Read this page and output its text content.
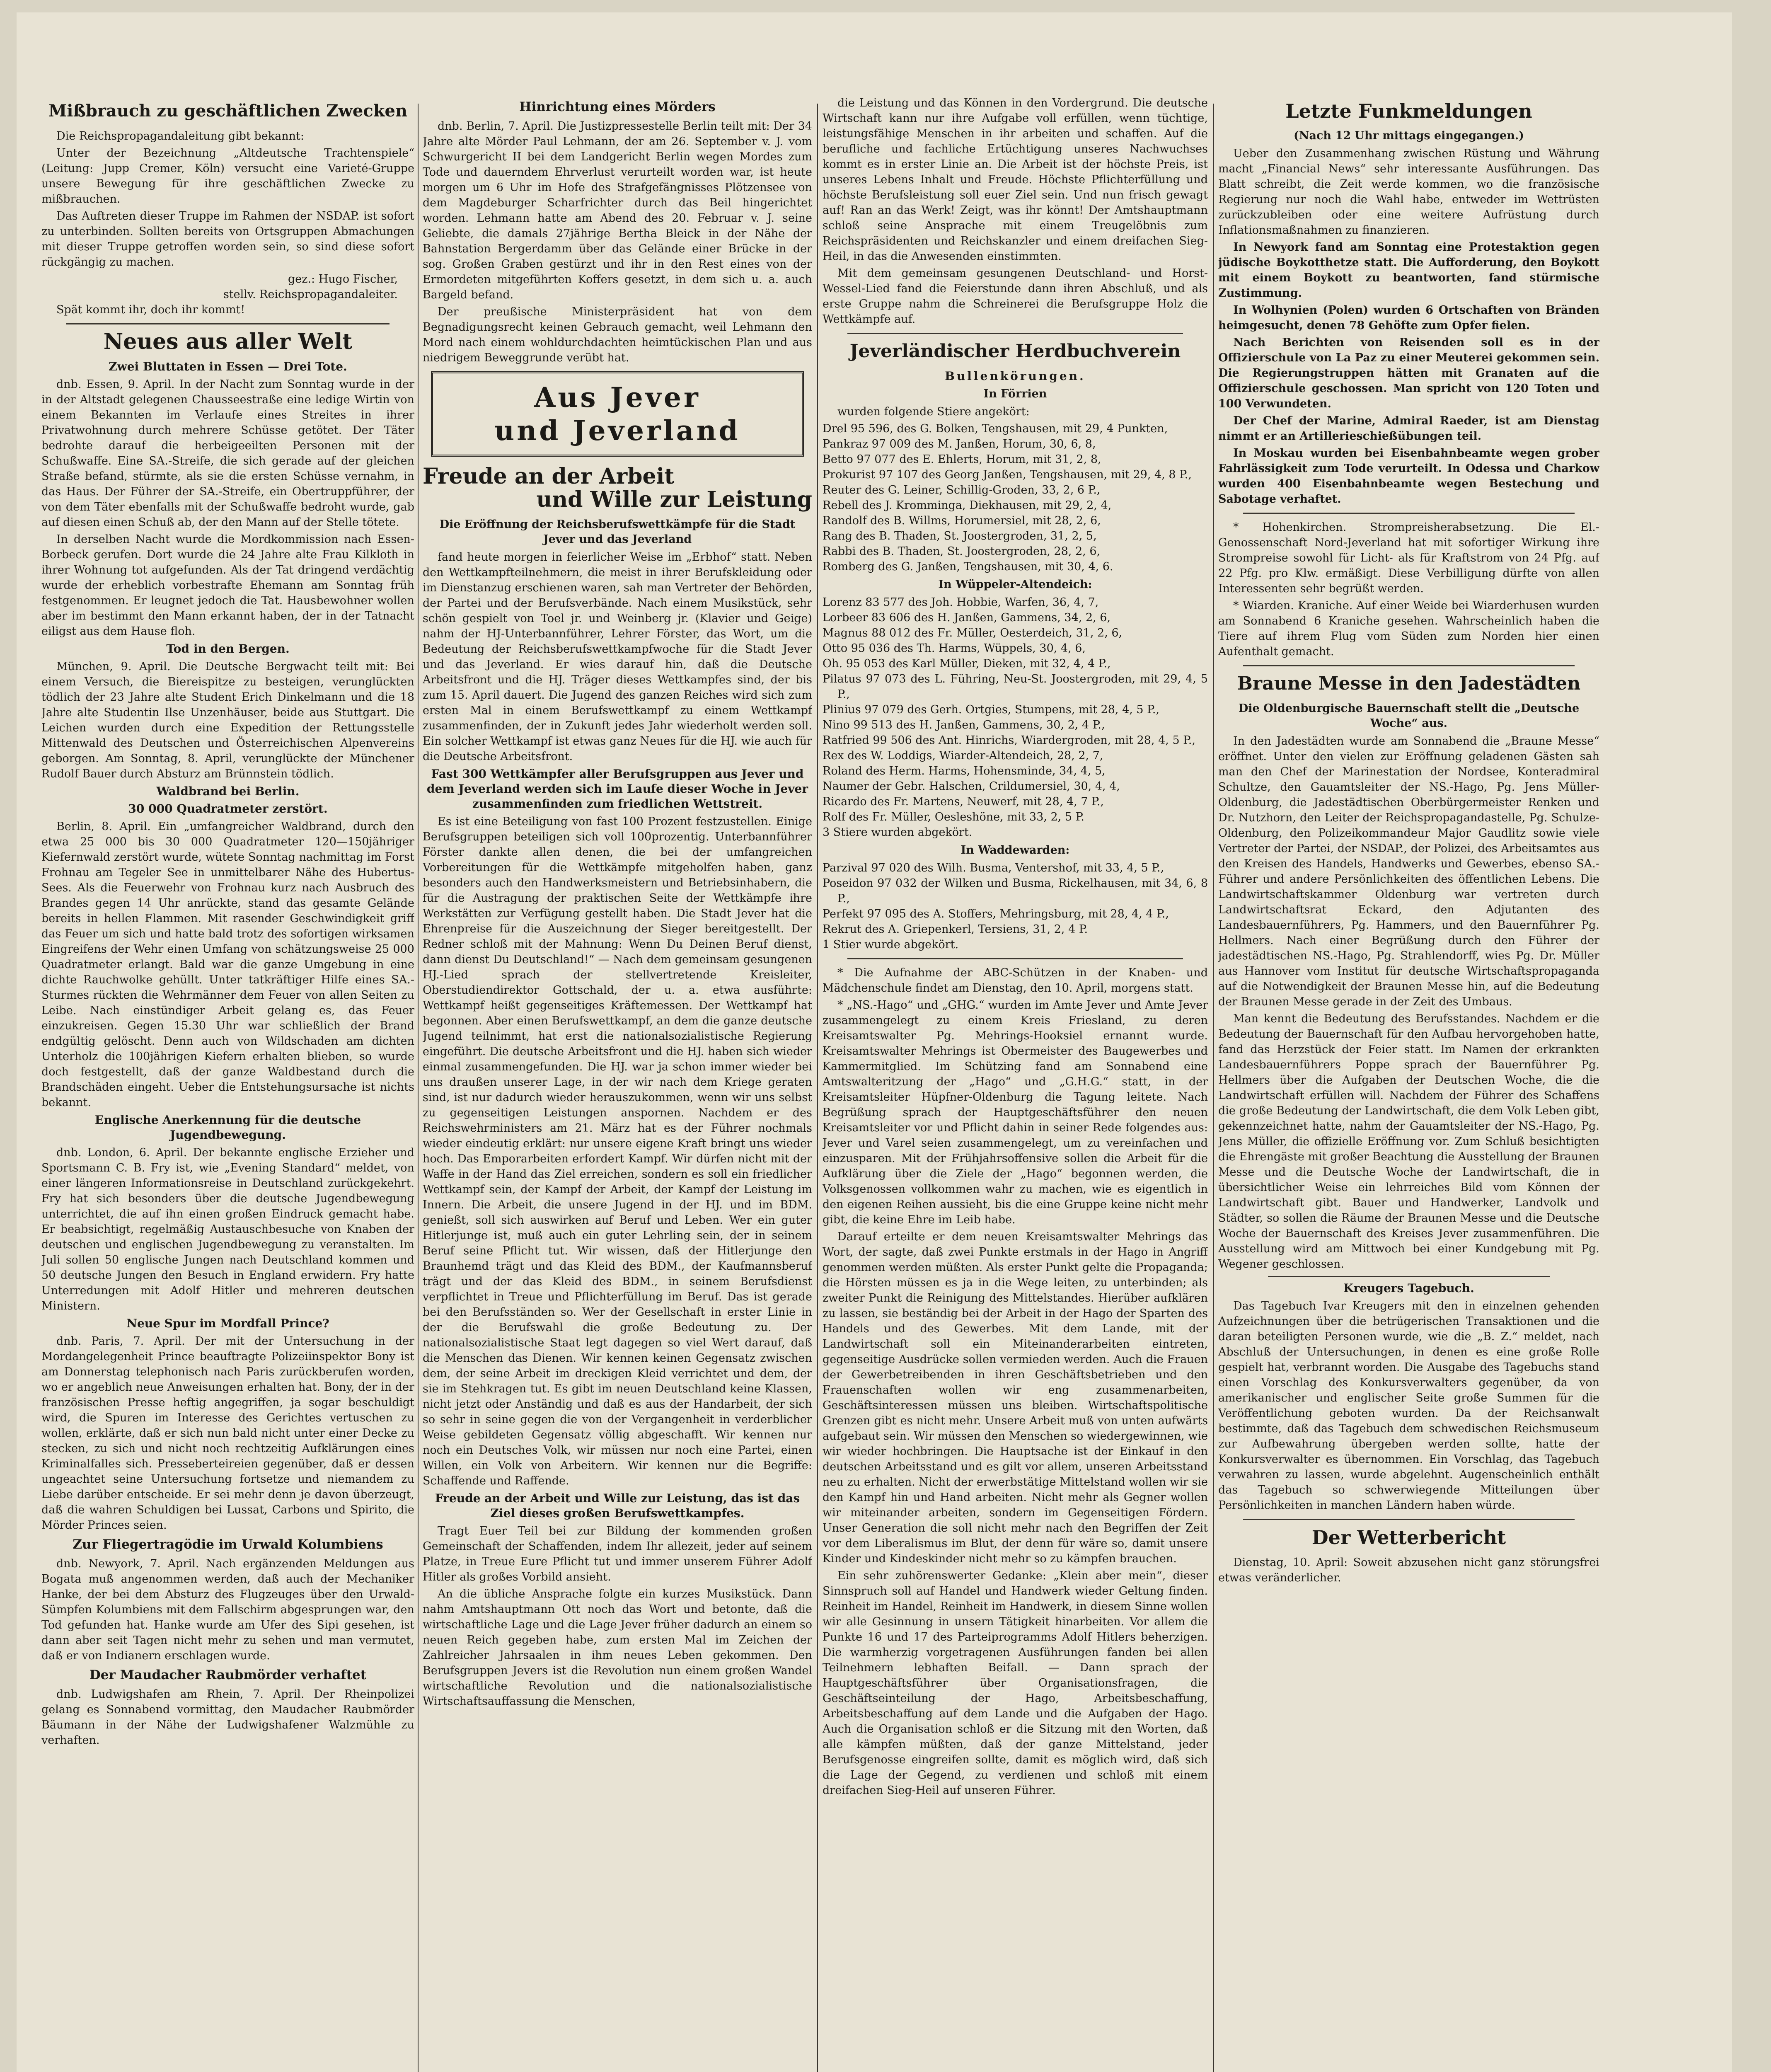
Mißbrauch zu geschäftlichen Zwecken

Die Reichspropagandaleitung gibt bekannt:

Unter der Bezeichnung „Altdeutsche Trachtenspiele“ (Leitung: Jupp Cremer, Köln) versucht eine Varieté-Gruppe unsere Bewegung für ihre geschäftlichen Zwecke zu mißbrauchen.

Das Auftreten dieser Truppe im Rahmen der NSDAP. ist sofort zu unterbinden. Sollten bereits von Ortsgruppen Abmachungen mit dieser Truppe getroffen worden sein, so sind diese sofort rückgängig zu machen.

gez.: Hugo Fischer,
stellv. Reichspropagandaleiter.

Spät kommt ihr, doch ihr kommt!

Neues aus aller Welt
Zwei Bluttaten in Essen — Drei Tote.

dnb. Essen, 9. April. In der Nacht zum Sonntag wurde in der in der Altstadt gelegenen Chausseestraße eine ledige Wirtin von einem Bekannten im Verlaufe eines Streites in ihrer Privatwohnung durch mehrere Schüsse getötet. Der Täter bedrohte darauf die herbeigeeilten Personen mit der Schußwaffe. Eine SA.-Streife, die sich gerade auf der gleichen Straße befand, stürmte, als sie die ersten Schüsse vernahm, in das Haus. Der Führer der SA.-Streife, ein Obertruppführer, der von dem Täter ebenfalls mit der Schußwaffe bedroht wurde, gab auf diesen einen Schuß ab, der den Mann auf der Stelle tötete.

In derselben Nacht wurde die Mordkommission nach Essen-Borbeck gerufen. Dort wurde die 24 Jahre alte Frau Kilkloth in ihrer Wohnung tot aufgefunden. Als der Tat dringend verdächtig wurde der erheblich vorbestrafte Ehemann am Sonntag früh festgenommen. Er leugnet jedoch die Tat. Hausbewohner wollen aber im bestimmt den Mann erkannt haben, der in der Tatnacht eiligst aus dem Hause floh.

Tod in den Bergen.

München, 9. April. Die Deutsche Bergwacht teilt mit: Bei einem Versuch, die Biereispitze zu besteigen, verunglückten tödlich der 23 Jahre alte Student Erich Dinkelmann und die 18 Jahre alte Studentin Ilse Unzenhäuser, beide aus Stuttgart. Die Leichen wurden durch eine Expedition der Rettungsstelle Mittenwald des Deutschen und Österreichischen Alpenvereins geborgen. Am Sonntag, 8. April, verunglückte der Münchener Rudolf Bauer durch Absturz am Brünnstein tödlich.

Waldbrand bei Berlin.
30 000 Quadratmeter zerstört.

Berlin, 8. April. Ein „umfangreicher Waldbrand, durch den etwa 25 000 bis 30 000 Quadratmeter 120—150jähriger Kiefernwald zerstört wurde, wütete Sonntag nachmittag im Forst Frohnau am Tegeler See in unmittelbarer Nähe des Hubertus-Sees. Als die Feuerwehr von Frohnau kurz nach Ausbruch des Brandes gegen 14 Uhr anrückte, stand das gesamte Gelände bereits in hellen Flammen. Mit rasender Geschwindigkeit griff das Feuer um sich und hatte bald trotz des sofortigen wirksamen Eingreifens der Wehr einen Umfang von schätzungsweise 25 000 Quadratmeter erlangt. Bald war die ganze Umgebung in eine dichte Rauchwolke gehüllt. Unter tatkräftiger Hilfe eines SA.-Sturmes rückten die Wehrmänner dem Feuer von allen Seiten zu Leibe. Nach einstündiger Arbeit gelang es, das Feuer einzukreisen. Gegen 15.30 Uhr war schließlich der Brand endgültig gelöscht. Denn auch von Wildschaden am dichten Unterholz die 100jährigen Kiefern erhalten blieben, so wurde doch festgestellt, daß der ganze Waldbestand durch die Brandschäden eingeht. Ueber die Entstehungsursache ist nichts bekannt.

Englische Anerkennung für die deutsche Jugendbewegung.

dnb. London, 6. April. Der bekannte englische Erzieher und Sportsmann C. B. Fry ist, wie „Evening Standard“ meldet, von einer längeren Informationsreise in Deutschland zurückgekehrt. Fry hat sich besonders über die deutsche Jugendbewegung unterrichtet, die auf ihn einen großen Eindruck gemacht habe. Er beabsichtigt, regelmäßig Austauschbesuche von Knaben der deutschen und englischen Jugendbewegung zu veranstalten. Im Juli sollen 50 englische Jungen nach Deutschland kommen und 50 deutsche Jungen den Besuch in England erwidern. Fry hatte Unterredungen mit Adolf Hitler und mehreren deutschen Ministern.

Neue Spur im Mordfall Prince?

dnb. Paris, 7. April. Der mit der Untersuchung in der Mordangelegenheit Prince beauftragte Polizeiinspektor Bony ist am Donnerstag telephonisch nach Paris zurückberufen worden, wo er angeblich neue Anweisungen erhalten hat. Bony, der in der französischen Presse heftig angegriffen, ja sogar beschuldigt wird, die Spuren im Interesse des Gerichtes vertuschen zu wollen, erklärte, daß er sich nun bald nicht unter einer Decke zu stecken, zu sich und nicht noch rechtzeitig Aufklärungen eines Kriminalfalles sich. Presseberteireien gegenüber, daß er dessen ungeachtet seine Untersuchung fortsetze und niemandem zu Liebe darüber entscheide. Er sei mehr denn je davon überzeugt, daß die wahren Schuldigen bei Lussat, Carbons und Spirito, die Mörder Princes seien.

Zur Fliegertragödie im Urwald Kolumbiens

dnb. Newyork, 7. April. Nach ergänzenden Meldungen aus Bogata muß angenommen werden, daß auch der Mechaniker Hanke, der bei dem Absturz des Flugzeuges über den Urwald-Sümpfen Kolumbiens mit dem Fallschirm abgesprungen war, den Tod gefunden hat. Hanke wurde am Ufer des Sipi gesehen, ist dann aber seit Tagen nicht mehr zu sehen und man vermutet, daß er von Indianern erschlagen wurde.

Der Maudacher Raubmörder verhaftet

dnb. Ludwigshafen am Rhein, 7. April. Der Rheinpolizei gelang es Sonnabend vormittag, den Maudacher Raubmörder Bäumann in der Nähe der Ludwigshafener Walzmühle zu verhaften.

Hinrichtung eines Mörders

dnb. Berlin, 7. April. Die Justizpressestelle Berlin teilt mit: Der 34 Jahre alte Mörder Paul Lehmann, der am 26. September v. J. vom Schwurgericht II bei dem Landgericht Berlin wegen Mordes zum Tode und dauerndem Ehrverlust verurteilt worden war, ist heute morgen um 6 Uhr im Hofe des Strafgefängnisses Plötzensee von dem Magdeburger Scharfrichter durch das Beil hingerichtet worden. Lehmann hatte am Abend des 20. Februar v. J. seine Geliebte, die damals 27jährige Bertha Bleick in der Nähe der Bahnstation Bergerdamm über das Gelände einer Brücke in der sog. Großen Graben gestürzt und ihr in den Rest eines von der Ermordeten mitgeführten Koffers gesetzt, in dem sich u. a. auch Bargeld befand.

Der preußische Ministerpräsident hat von dem Begnadigungsrecht keinen Gebrauch gemacht, weil Lehmann den Mord nach einem wohldurchdachten heimtückischen Plan und aus niedrigem Beweggrunde verübt hat.

Aus Jever
und Jeverland
Freude an der Arbeit
und Wille zur Leistung
Die Eröffnung der Reichsberufswettkämpfe für die Stadt Jever und das Jeverland

fand heute morgen in feierlicher Weise im „Erbhof“ statt. Neben den Wettkampfteilnehmern, die meist in ihrer Berufskleidung oder im Dienstanzug erschienen waren, sah man Vertreter der Behörden, der Partei und der Berufsverbände. Nach einem Musikstück, sehr schön gespielt von Toel jr. und Weinberg jr. (Klavier und Geige) nahm der HJ-Unterbannführer, Lehrer Förster, das Wort, um die Bedeutung der Reichsberufswettkampfwoche für die Stadt Jever und das Jeverland. Er wies darauf hin, daß die Deutsche Arbeitsfront und die HJ. Träger dieses Wettkampfes sind, der bis zum 15. April dauert. Die Jugend des ganzen Reiches wird sich zum ersten Mal in einem Berufswettkampf zu einem Wettkampf zusammenfinden, der in Zukunft jedes Jahr wiederholt werden soll. Ein solcher Wettkampf ist etwas ganz Neues für die HJ. wie auch für die Deutsche Arbeitsfront.

Fast 300 Wettkämpfer aller Berufsgruppen aus Jever und dem Jeverland werden sich im Laufe dieser Woche in Jever zusammenfinden zum friedlichen Wettstreit.

Es ist eine Beteiligung von fast 100 Prozent festzustellen. Einige Berufsgruppen beteiligen sich voll 100prozentig. Unterbannführer Förster dankte allen denen, die bei der umfangreichen Vorbereitungen für die Wettkämpfe mitgeholfen haben, ganz besonders auch den Handwerksmeistern und Betriebsinhabern, die für die Austragung der praktischen Seite der Wettkämpfe ihre Werkstätten zur Verfügung gestellt haben. Die Stadt Jever hat die Ehrenpreise für die Auszeichnung der Sieger bereitgestellt. Der Redner schloß mit der Mahnung: Wenn Du Deinen Beruf dienst, dann dienst Du Deutschland!“ — Nach dem gemeinsam gesungenen HJ.-Lied sprach der stellvertretende Kreisleiter, Oberstudiendirektor Gottschald, der u. a. etwa ausführte: Wettkampf heißt gegenseitiges Kräftemessen. Der Wettkampf hat begonnen. Aber einen Berufswettkampf, an dem die ganze deutsche Jugend teilnimmt, hat erst die nationalsozialistische Regierung eingeführt. Die deutsche Arbeitsfront und die HJ. haben sich wieder einmal zusammengefunden. Die HJ. war ja schon immer wieder bei uns draußen unserer Lage, in der wir nach dem Kriege geraten sind, ist nur dadurch wieder herauszukommen, wenn wir uns selbst zu gegenseitigen Leistungen anspornen. Nachdem er des Reichswehrministers am 21. März hat es der Führer nochmals wieder eindeutig erklärt: nur unsere eigene Kraft bringt uns wieder hoch. Das Emporarbeiten erfordert Kampf. Wir dürfen nicht mit der Waffe in der Hand das Ziel erreichen, sondern es soll ein friedlicher Wettkampf sein, der Kampf der Arbeit, der Kampf der Leistung im Innern. Die Arbeit, die unsere Jugend in der HJ. und im BDM. genießt, soll sich auswirken auf Beruf und Leben. Wer ein guter Hitlerjunge ist, muß auch ein guter Lehrling sein, der in seinem Beruf seine Pflicht tut. Wir wissen, daß der Hitlerjunge den Braunhemd trägt und das Kleid des BDM., der Kaufmannsberuf trägt und der das Kleid des BDM., in seinem Berufsdienst verpflichtet in Treue und Pflichterfüllung im Beruf. Das ist gerade bei den Berufsständen so. Wer der Gesellschaft in erster Linie in der die Berufswahl die große Bedeutung zu. Der nationalsozialistische Staat legt dagegen so viel Wert darauf, daß die Menschen das Dienen. Wir kennen keinen Gegensatz zwischen dem, der seine Arbeit im dreckigen Kleid verrichtet und dem, der sie im Stehkragen tut. Es gibt im neuen Deutschland keine Klassen, nicht jetzt oder Anständig und daß es aus der Handarbeit, der sich so sehr in seine gegen die von der Vergangenheit in verderblicher Weise gebildeten Gegensatz völlig abgeschafft. Wir kennen nur noch ein Deutsches Volk, wir müssen nur noch eine Partei, einen Willen, ein Volk von Arbeitern. Wir kennen nur die Begriffe: Schaffende und Raffende.

Freude an der Arbeit und Wille zur Leistung, das ist das Ziel dieses großen Berufswettkampfes.

Tragt Euer Teil bei zur Bildung der kommenden großen Gemeinschaft der Schaffenden, indem Ihr allezeit, jeder auf seinem Platze, in Treue Eure Pflicht tut und immer unserem Führer Adolf Hitler als großes Vorbild ansieht.

An die übliche Ansprache folgte ein kurzes Musikstück. Dann nahm Amtshauptmann Ott noch das Wort und betonte, daß die wirtschaftliche Lage und die Lage Jever früher dadurch an einem so neuen Reich gegeben habe, zum ersten Mal im Zeichen der Zahlreicher Jahrsaalen in ihm neues Leben gekommen. Den Berufsgruppen Jevers ist die Revolution nun einem großen Wandel wirtschaftliche Revolution und die nationalsozialistische Wirtschaftsauffassung die Menschen,

die Leistung und das Können in den Vordergrund. Die deutsche Wirtschaft kann nur ihre Aufgabe voll erfüllen, wenn tüchtige, leistungsfähige Menschen in ihr arbeiten und schaffen. Auf die berufliche und fachliche Ertüchtigung unseres Nachwuchses kommt es in erster Linie an. Die Arbeit ist der höchste Preis, ist unseres Lebens Inhalt und Freude. Höchste Pflichterfüllung und höchste Berufsleistung soll euer Ziel sein. Und nun frisch gewagt auf! Ran an das Werk! Zeigt, was ihr könnt! Der Amtshauptmann schloß seine Ansprache mit einem Treugelöbnis zum Reichspräsidenten und Reichskanzler und einem dreifachen Sieg-Heil, in das die Anwesenden einstimmten.

Mit dem gemeinsam gesungenen Deutschland- und Horst-Wessel-Lied fand die Feierstunde dann ihren Abschluß, und als erste Gruppe nahm die Schreinerei die Berufsgruppe Holz die Wettkämpfe auf.

Jeverländischer Herdbuchverein
Bullenkörungen.
In Förrien

wurden folgende Stiere angekört:

Drel 95 596, des G. Bolken, Tengshausen, mit 29, 4 Punkten,

Pankraz 97 009 des M. Janßen, Horum, 30, 6, 8,

Betto 97 077 des E. Ehlerts, Horum, mit 31, 2, 8,

Prokurist 97 107 des Georg Janßen, Tengshausen, mit 29, 4, 8 P.,

Reuter des G. Leiner, Schillig-Groden, 33, 2, 6 P.,

Rebell des J. Kromminga, Diekhausen, mit 29, 2, 4,

Randolf des B. Willms, Horumersiel, mit 28, 2, 6,

Rang des B. Thaden, St. Joostergroden, 31, 2, 5,

Rabbi des B. Thaden, St. Joostergroden, 28, 2, 6,

Romberg des G. Janßen, Tengshausen, mit 30, 4, 6.

In Wüppeler-Altendeich:

Lorenz 83 577 des Joh. Hobbie, Warfen, 36, 4, 7,

Lorbeer 83 606 des H. Janßen, Gammens, 34, 2, 6,

Magnus 88 012 des Fr. Müller, Oesterdeich, 31, 2, 6,

Otto 95 036 des Th. Harms, Wüppels, 30, 4, 6,

Oh. 95 053 des Karl Müller, Dieken, mit 32, 4, 4 P.,

Pilatus 97 073 des L. Führing, Neu-St. Joostergroden, mit 29, 4, 5 P.,

Plinius 97 079 des Gerh. Ortgies, Stumpens, mit 28, 4, 5 P.,

Nino 99 513 des H. Janßen, Gammens, 30, 2, 4 P.,

Ratfried 99 506 des Ant. Hinrichs, Wiardergroden, mit 28, 4, 5 P.,

Rex des W. Loddigs, Wiarder-Altendeich, 28, 2, 7,

Roland des Herm. Harms, Hohensminde, 34, 4, 5,

Naumer der Gebr. Halschen, Crildumersiel, 30, 4, 4,

Ricardo des Fr. Martens, Neuwerf, mit 28, 4, 7 P.,

Rolf des Fr. Müller, Oesleshöne, mit 33, 2, 5 P.

3 Stiere wurden abgekört.

In Waddewarden:

Parzival 97 020 des Wilh. Busma, Ventershof, mit 33, 4, 5 P.,

Poseidon 97 032 der Wilken und Busma, Rickelhausen, mit 34, 6, 8 P.,

Perfekt 97 095 des A. Stoffers, Mehringsburg, mit 28, 4, 4 P.,

Rekrut des A. Griepenkerl, Tersiens, 31, 2, 4 P.

1 Stier wurde abgekört.

* Die Aufnahme der ABC-Schützen in der Knaben- und Mädchenschule findet am Dienstag, den 10. April, morgens statt.

* „NS.-Hago“ und „GHG.“ wurden im Amte Jever und Amte Jever zusammengelegt zu einem Kreis Friesland, zu deren Kreisamtswalter Pg. Mehrings-Hooksiel ernannt wurde. Kreisamtswalter Mehrings ist Obermeister des Baugewerbes und Kammermitglied. Im Schützing fand am Sonnabend eine Amtswalteritzung der „Hago“ und „G.H.G.“ statt, in der Kreisamtsleiter Hüpfner-Oldenburg die Tagung leitete. Nach Begrüßung sprach der Hauptgeschäftsführer den neuen Kreisamtsleiter vor und Pflicht dahin in seiner Rede folgendes aus: Jever und Varel seien zusammengelegt, um zu vereinfachen und einzusparen. Mit der Frühjahrsoffensive sollen die Arbeit für die Aufklärung über die Ziele der „Hago“ begonnen werden, die Volksgenossen vollkommen wahr zu machen, wie es eigentlich in den eigenen Reihen aussieht, bis die eine Gruppe keine nicht mehr gibt, die keine Ehre im Leib habe.

Darauf erteilte er dem neuen Kreisamtswalter Mehrings das Wort, der sagte, daß zwei Punkte erstmals in der Hago in Angriff genommen werden müßten. Als erster Punkt gelte die Propaganda; die Hörsten müssen es ja in die Wege leiten, zu unterbinden; als zweiter Punkt die Reinigung des Mittelstandes. Hierüber aufklären zu lassen, sie beständig bei der Arbeit in der Hago der Sparten des Handels und des Gewerbes. Mit dem Lande, mit der Landwirtschaft soll ein Miteinanderarbeiten eintreten, gegenseitige Ausdrücke sollen vermieden werden. Auch die Frauen der Gewerbetreibenden in ihren Geschäftsbetrieben und den Frauenschaften wollen wir eng zusammenarbeiten, Geschäftsinteressen müssen uns bleiben. Wirtschaftspolitische Grenzen gibt es nicht mehr. Unsere Arbeit muß von unten aufwärts aufgebaut sein. Wir müssen den Menschen so wiedergewinnen, wie wir wieder hochbringen. Die Hauptsache ist der Einkauf in den deutschen Arbeitsstand und es gilt vor allem, unseren Arbeitsstand neu zu erhalten. Nicht der erwerbstätige Mittelstand wollen wir sie den Kampf hin und Hand arbeiten. Nicht mehr als Gegner wollen wir miteinander arbeiten, sondern im Gegenseitigen Fördern. Unser Generation die soll nicht mehr nach den Begriffen der Zeit vor dem Liberalismus im Blut, der denn für wäre so, damit unsere Kinder und Kindeskinder nicht mehr so zu kämpfen brauchen.

Ein sehr zuhörenswerter Gedanke: „Klein aber mein“, dieser Sinnspruch soll auf Handel und Handwerk wieder Geltung finden. Reinheit im Handel, Reinheit im Handwerk, in diesem Sinne wollen wir alle Gesinnung in unsern Tätigkeit hinarbeiten. Vor allem die Punkte 16 und 17 des Parteiprogramms Adolf Hitlers beherzigen. Die warmherzig vorgetragenen Ausführungen fanden bei allen Teilnehmern lebhaften Beifall. — Dann sprach der Hauptgeschäftsführer über Organisationsfragen, die Geschäftseinteilung der Hago, Arbeitsbeschaffung, Arbeitsbeschaffung auf dem Lande und die Aufgaben der Hago. Auch die Organisation schloß er die Sitzung mit den Worten, daß alle kämpfen müßten, daß der ganze Mittelstand, jeder Berufsgenosse eingreifen sollte, damit es möglich wird, daß sich die Lage der Gegend, zu verdienen und schloß mit einem dreifachen Sieg-Heil auf unseren Führer.

Letzte Funkmeldungen
(Nach 12 Uhr mittags eingegangen.)

Ueber den Zusammenhang zwischen Rüstung und Währung macht „Financial News“ sehr interessante Ausführungen. Das Blatt schreibt, die Zeit werde kommen, wo die französische Regierung nur noch die Wahl habe, entweder im Wettrüsten zurückzubleiben oder eine weitere Aufrüstung durch Inflationsmaßnahmen zu finanzieren.

In Newyork fand am Sonntag eine Protestaktion gegen jüdische Boykotthetze statt. Die Aufforderung, den Boykott mit einem Boykott zu beantworten, fand stürmische Zustimmung.

In Wolhynien (Polen) wurden 6 Ortschaften von Bränden heimgesucht, denen 78 Gehöfte zum Opfer fielen.

Nach Berichten von Reisenden soll es in der Offizierschule von La Paz zu einer Meuterei gekommen sein. Die Regierungstruppen hätten mit Granaten auf die Offizierschule geschossen. Man spricht von 120 Toten und 100 Verwundeten.

Der Chef der Marine, Admiral Raeder, ist am Dienstag nimmt er an Artillerieschießübungen teil.

In Moskau wurden bei Eisenbahnbeamte wegen grober Fahrlässigkeit zum Tode verurteilt. In Odessa und Charkow wurden 400 Eisenbahnbeamte wegen Bestechung und Sabotage verhaftet.

* Hohenkirchen. Strompreisherabsetzung. Die El.-Genossenschaft Nord-Jeverland hat mit sofortiger Wirkung ihre Strompreise sowohl für Licht- als für Kraftstrom von 24 Pfg. auf 22 Pfg. pro Klw. ermäßigt. Diese Verbilligung dürfte von allen Interessenten sehr begrüßt werden.

* Wiarden. Kraniche. Auf einer Weide bei Wiarderhusen wurden am Sonnabend 6 Kraniche gesehen. Wahrscheinlich haben die Tiere auf ihrem Flug vom Süden zum Norden hier einen Aufenthalt gemacht.

Braune Messe in den Jadestädten
Die Oldenburgische Bauernschaft stellt die „Deutsche Woche“ aus.

In den Jadestädten wurde am Sonnabend die „Braune Messe“ eröffnet. Unter den vielen zur Eröffnung geladenen Gästen sah man den Chef der Marinestation der Nordsee, Konteradmiral Schultze, den Gauamtsleiter der NS.-Hago, Pg. Jens Müller-Oldenburg, die Jadestädtischen Oberbürgermeister Renken und Dr. Nutzhorn, den Leiter der Reichspropagandastelle, Pg. Schulze-Oldenburg, den Polizeikommandeur Major Gaudlitz sowie viele Vertreter der Partei, der NSDAP., der Polizei, des Arbeitsamtes aus den Kreisen des Handels, Handwerks und Gewerbes, ebenso SA.-Führer und andere Persönlichkeiten des öffentlichen Lebens. Die Landwirtschaftskammer Oldenburg war vertreten durch Landwirtschaftsrat Eckard, den Adjutanten des Landesbauernführers, Pg. Hammers, und den Bauernführer Pg. Hellmers. Nach einer Begrüßung durch den Führer der jadestädtischen NS.-Hago, Pg. Strahlendorff, wies Pg. Dr. Müller aus Hannover vom Institut für deutsche Wirtschaftspropaganda auf die Notwendigkeit der Braunen Messe hin, auf die Bedeutung der Braunen Messe gerade in der Zeit des Umbaus.

Man kennt die Bedeutung des Berufsstandes. Nachdem er die Bedeutung der Bauernschaft für den Aufbau hervorgehoben hatte, fand das Herzstück der Feier statt. Im Namen der erkrankten Landesbauernführers Poppe sprach der Bauernführer Pg. Hellmers über die Aufgaben der Deutschen Woche, die die Landwirtschaft erfüllen will. Nachdem der Führer des Schaffens die große Bedeutung der Landwirtschaft, die dem Volk Leben gibt, gekennzeichnet hatte, nahm der Gauamtsleiter der NS.-Hago, Pg. Jens Müller, die offizielle Eröffnung vor. Zum Schluß besichtigten die Ehrengäste mit großer Beachtung die Ausstellung der Braunen Messe und die Deutsche Woche der Landwirtschaft, die in übersichtlicher Weise ein lehrreiches Bild vom Können der Landwirtschaft gibt. Bauer und Handwerker, Landvolk und Städter, so sollen die Räume der Braunen Messe und die Deutsche Woche der Bauernschaft des Kreises Jever zusammenführen. Die Ausstellung wird am Mittwoch bei einer Kundgebung mit Pg. Wegener geschlossen.

Kreugers Tagebuch.

Das Tagebuch Ivar Kreugers mit den in einzelnen gehenden Aufzeichnungen über die betrügerischen Transaktionen und die daran beteiligten Personen wurde, wie die „B. Z.“ meldet, nach Abschluß der Untersuchungen, in denen es eine große Rolle gespielt hat, verbrannt worden. Die Ausgabe des Tagebuchs stand einen Vorschlag des Konkursverwalters gegenüber, da von amerikanischer und englischer Seite große Summen für die Veröffentlichung geboten wurden. Da der Reichsanwalt bestimmte, daß das Tagebuch dem schwedischen Reichsmuseum zur Aufbewahrung übergeben werden sollte, hatte der Konkursverwalter es übernommen. Ein Vorschlag, das Tagebuch verwahren zu lassen, wurde abgelehnt. Augenscheinlich enthält das Tagebuch so schwerwiegende Mitteilungen über Persönlichkeiten in manchen Ländern haben würde.

Der Wetterbericht

Dienstag, 10. April: Soweit abzusehen nicht ganz störungsfrei etwas veränderlicher.
